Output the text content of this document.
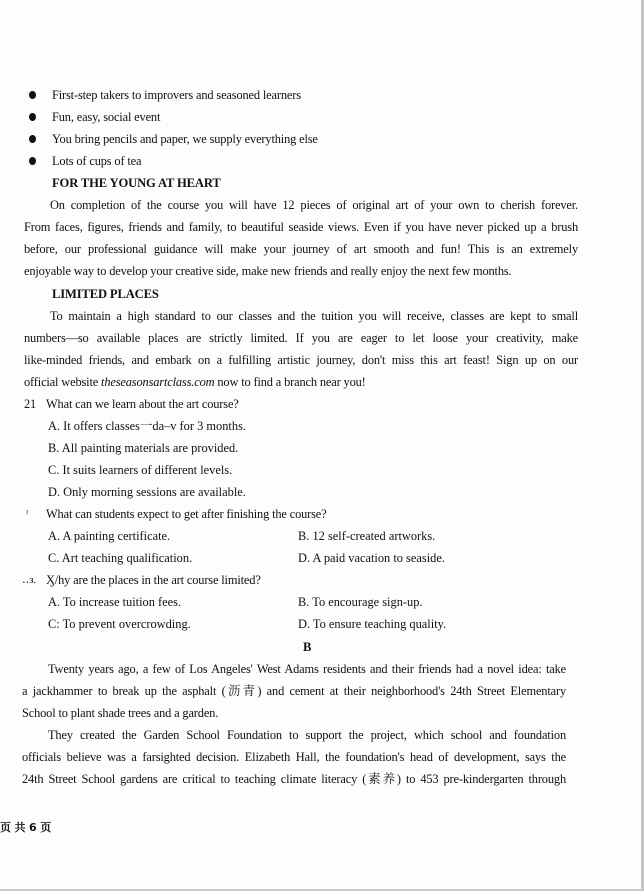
First-step takers to improvers and seasoned learners
Fun, easy, social event
You bring pencils and paper, we supply everything else
Lots of cups of tea
FOR THE YOUNG AT HEART
On completion of the course you will have 12 pieces of original art of your own to cherish forever.
From faces, figures, friends and family, to beautiful seaside views. Even if you have never picked up a brush
before, our professional guidance will make your journey of art smooth and fun! This is an extremely
enjoyable way to develop your creative side, make new friends and really enjoy the next few months.
LIMITED PLACES
To maintain a high standard to our classes and the tuition you will receive, classes are kept to small
numbers—so available places are strictly limited. If you are eager to let loose your creativity, make
like-minded friends, and embark on a fulfilling artistic journey, don't miss this art feast! Sign up on our
official website theseasonsartclass.com now to find a branch near you!
21 What can we learn about the art course?
A. It offers classes一da–v for 3 months.
B. All painting materials are provided.
C. It suits learners of different levels.
D. Only morning sessions are available.
ˀ What can students expect to get after finishing the course?
A. A painting certificate.	B. 12 self-created artworks.
C. Art teaching qualification.	D. A paid vacation to seaside.
‥з. Ӽ/hy are the places in the art course limited?
A. To increase tuition fees.	B. To encourage sign-up.
C: To prevent overcrowding.	D. To ensure teaching quality.
B
Twenty years ago, a few of Los Angeles' West Adams residents and their friends had a novel idea: take
a jackhammer to break up the asphalt (沥青) and cement at their neighborhood's 24th Street Elementary
School to plant shade trees and a garden.
They created the Garden School Foundation to support the project, which school and foundation
officials believe was a farsighted decision. Elizabeth Hall, the foundation's head of development, says the
24th Street School gardens are critical to teaching climate literacy (素养) to 453 pre-kindergarten through
页 共 6 页
